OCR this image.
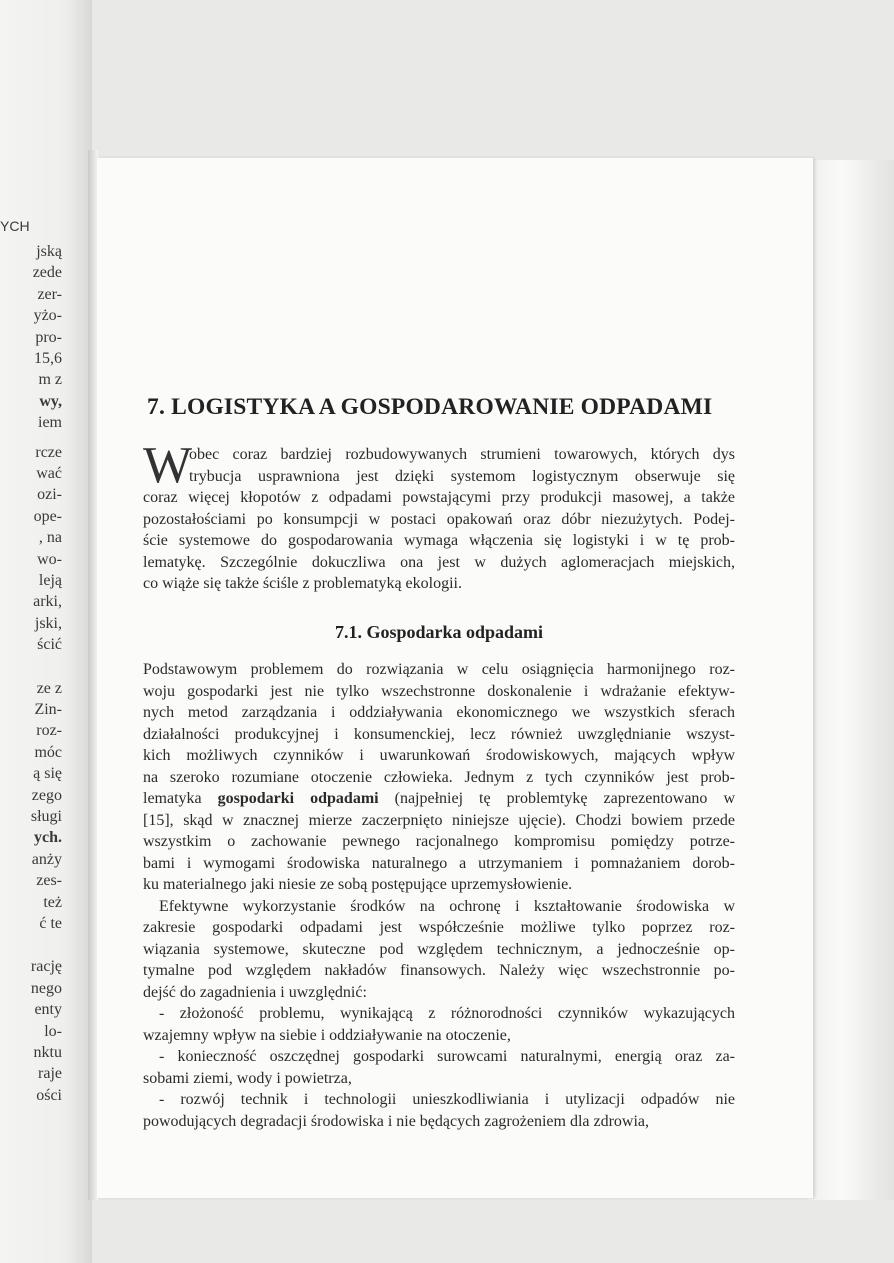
7. LOGISTYKA A GOSPODAROWANIE ODPADAMI
W
obec coraz bardziej rozbudowywanych strumieni towarowych, których dys
trybucja usprawniona jest dzięki systemom logistycznym obserwuje się
coraz więcej kłopotów z odpadami powstającymi przy produkcji masowej, a także
pozostałościami po konsumpcji w postaci opakowań oraz dóbr niezużytych. Podej-
ście systemowe do gospodarowania wymaga włączenia się logistyki i w tę prob-
lematykę. Szczególnie dokuczliwa ona jest w dużych aglomeracjach miejskich,
co wiąże się także ściśle z problematyką ekologii.
7.1. Gospodarka odpadami
Podstawowym problemem do rozwiązania w celu osiągnięcia harmonijnego roz-
woju gospodarki jest nie tylko wszechstronne doskonalenie i wdrażanie efektyw-
nych metod zarządzania i oddziaływania ekonomicznego we wszystkich sferach
działalności produkcyjnej i konsumenckiej, lecz również uwzględnianie wszyst-
kich możliwych czynników i uwarunkowań środowiskowych, mających wpływ
na szeroko rozumiane otoczenie człowieka. Jednym z tych czynników jest prob-
lematyka gospodarki odpadami (najpełniej tę problemtykę zaprezentowano w
[15], skąd w znacznej mierze zaczerpnięto niniejsze ujęcie). Chodzi bowiem przede
wszystkim o zachowanie pewnego racjonalnego kompromisu pomiędzy potrze-
bami i wymogami środowiska naturalnego a utrzymaniem i pomnażaniem dorob-
ku materialnego jaki niesie ze sobą postępujące uprzemysłowienie.
Efektywne wykorzystanie środków na ochronę i kształtowanie środowiska w
zakresie gospodarki odpadami jest współcześnie możliwe tylko poprzez roz-
wiązania systemowe, skuteczne pod względem technicznym, a jednocześnie op-
tymalne pod względem nakładów finansowych. Należy więc wszechstronnie po-
dejść do zagadnienia i uwzględnić:
- złożoność problemu, wynikającą z różnorodności czynników wykazujących
wzajemny wpływ na siebie i oddziaływanie na otoczenie,
- konieczność oszczędnej gospodarki surowcami naturalnymi, energią oraz za-
sobami ziemi, wody i powietrza,
- rozwój technik i technologii unieszkodliwiania i utylizacji odpadów nie
powodujących degradacji środowiska i nie będących zagrożeniem dla zdrowia,
YCH
jską
zede
zer-
yżo-
pro-
15,6
m z
wy,
iem
rcze
wać
ozi-
ope-
, na
wo-
leją
arki,
jski,
ścić
ze z
Zin-
roz-
móc
ą się
zego
sługi
ych.
anży
zes-
też
ć te
rację
nego
enty
lo-
nktu
raje
ości
